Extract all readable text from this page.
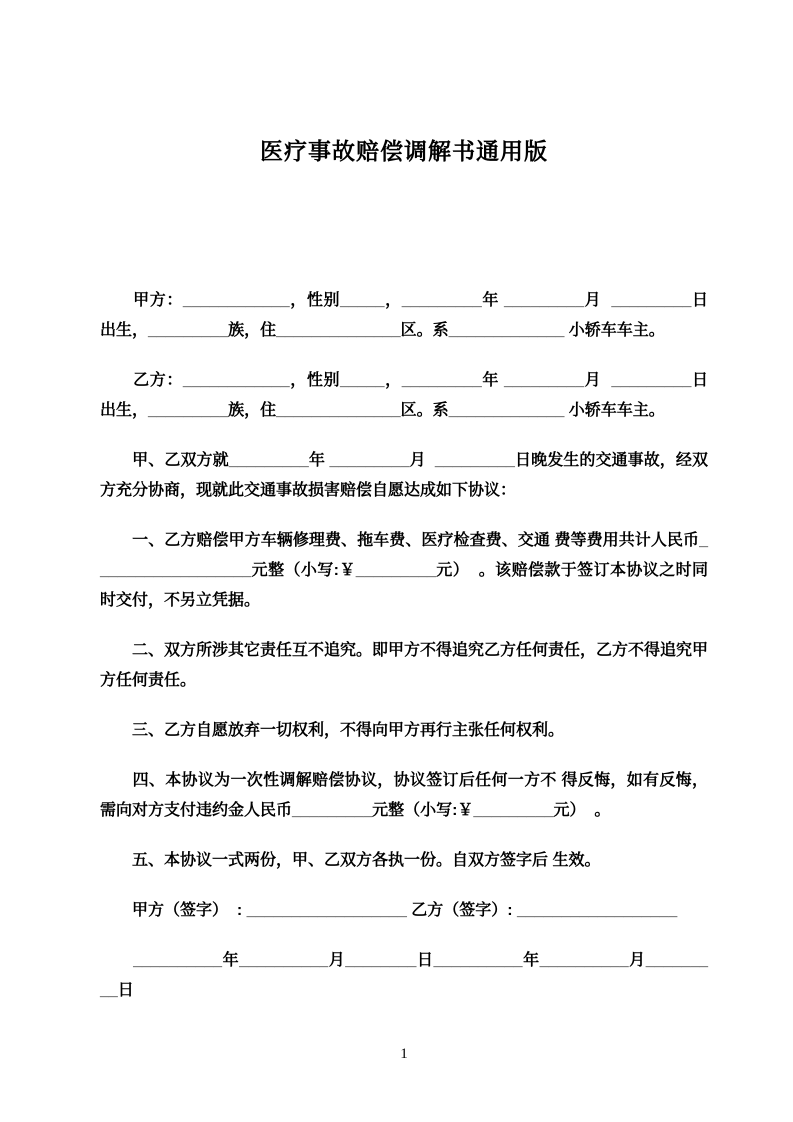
医疗事故赔偿调解书通用版

　　甲方：____________，性别_____，_________年 _________月  _________日出生，_________族，住______________区。系_____________ 小轿车车主。

　　乙方：____________，性别_____，_________年 _________月  _________日出生，_________族，住______________区。系_____________ 小轿车车主。

　　甲、乙双方就_________年 _________月  _________日晚发生的交通事故，经双方充分协商，现就此交通事故损害赔偿自愿达成如下协议：

　　一、乙方赔偿甲方车辆修理费、拖车费、医疗检查费、交通 费等费用共计人民币__________________元整（小写:￥_________元）  。该赔偿款于签订本协议之时同时交付，不另立凭据。

　　二、双方所涉其它责任互不追究。即甲方不得追究乙方任何责任，乙方不得追究甲方任何责任。

　　三、乙方自愿放弃一切权利，不得向甲方再行主张任何权利。

　　四、本协议为一次性调解赔偿协议，协议签订后任何一方不 得反悔，如有反悔，需向对方支付违约金人民币_________元整（小写:￥_________元）  。

　　五、本协议一式两份，甲、乙双方各执一份。自双方签字后 生效。

　　甲方（签字）  : __________________ 乙方（签字）: __________________

　　__________年__________月________日__________年__________月_________日

1
